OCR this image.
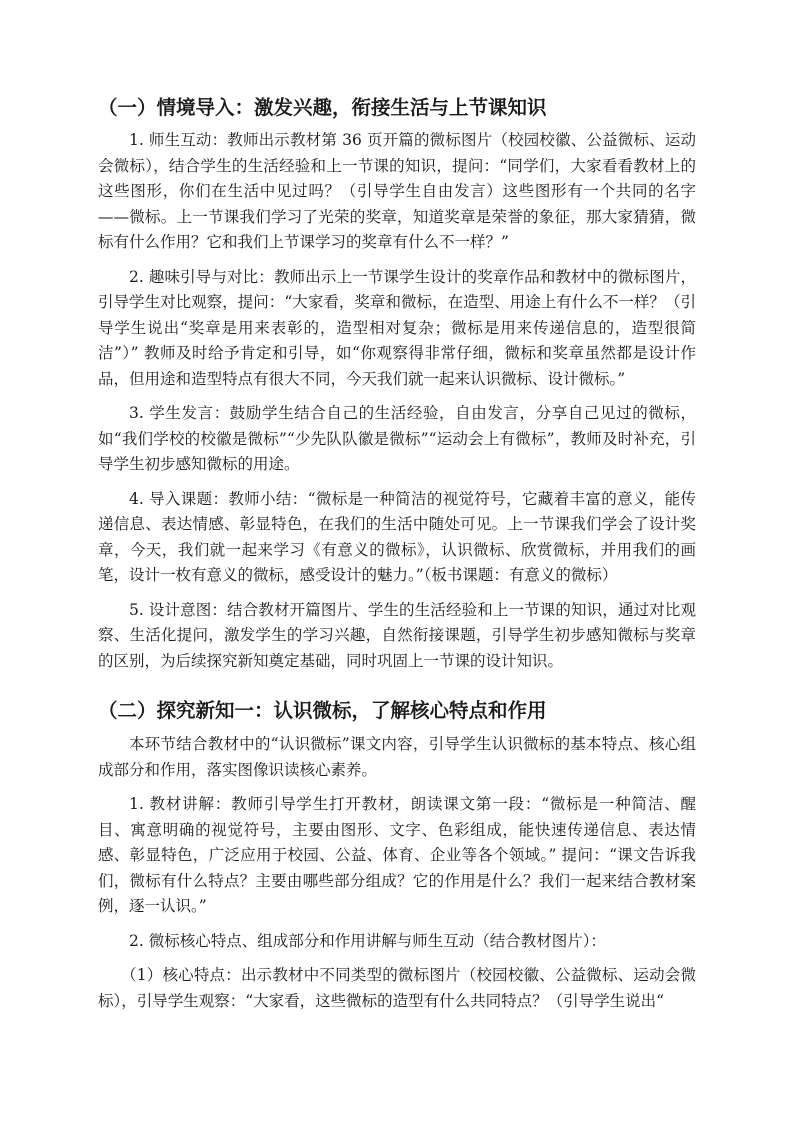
（一）情境导入：激发兴趣，衔接生活与上节课知识

1. 师生互动：教师出示教材第 36 页开篇的微标图片（校园校徽、公益微标、运动会微标），结合学生的生活经验和上一节课的知识，提问：“同学们，大家看看教材上的这些图形，你们在生活中见过吗？（引导学生自由发言）这些图形有一个共同的名字——微标。上一节课我们学习了光荣的奖章，知道奖章是荣誉的象征，那大家猜猜，微标有什么作用？它和我们上节课学习的奖章有什么不一样？”

2. 趣味引导与对比：教师出示上一节课学生设计的奖章作品和教材中的微标图片，引导学生对比观察，提问：“大家看，奖章和微标，在造型、用途上有什么不一样？（引导学生说出“奖章是用来表彰的，造型相对复杂；微标是用来传递信息的，造型很简洁”）” 教师及时给予肯定和引导，如“你观察得非常仔细，微标和奖章虽然都是设计作品，但用途和造型特点有很大不同，今天我们就一起来认识微标、设计微标。”

3. 学生发言：鼓励学生结合自己的生活经验，自由发言，分享自己见过的微标，如“我们学校的校徽是微标”“少先队队徽是微标”“运动会上有微标”，教师及时补充，引导学生初步感知微标的用途。

4. 导入课题：教师小结：“微标是一种简洁的视觉符号，它藏着丰富的意义，能传递信息、表达情感、彰显特色，在我们的生活中随处可见。上一节课我们学会了设计奖章，今天，我们就一起来学习《有意义的微标》，认识微标、欣赏微标，并用我们的画笔，设计一枚有意义的微标，感受设计的魅力。”（板书课题：有意义的微标）

5. 设计意图：结合教材开篇图片、学生的生活经验和上一节课的知识，通过对比观察、生活化提问，激发学生的学习兴趣，自然衔接课题，引导学生初步感知微标与奖章的区别，为后续探究新知奠定基础，同时巩固上一节课的设计知识。

（二）探究新知一：认识微标，了解核心特点和作用

本环节结合教材中的“认识微标”课文内容，引导学生认识微标的基本特点、核心组成部分和作用，落实图像识读核心素养。

1. 教材讲解：教师引导学生打开教材，朗读课文第一段：“微标是一种简洁、醒目、寓意明确的视觉符号，主要由图形、文字、色彩组成，能快速传递信息、表达情感、彰显特色，广泛应用于校园、公益、体育、企业等各个领域。” 提问：“课文告诉我们，微标有什么特点？主要由哪些部分组成？它的作用是什么？我们一起来结合教材案例，逐一认识。”

2. 微标核心特点、组成部分和作用讲解与师生互动（结合教材图片）：

（1）核心特点：出示教材中不同类型的微标图片（校园校徽、公益微标、运动会微标），引导学生观察：“大家看，这些微标的造型有什么共同特点？（引导学生说出“
